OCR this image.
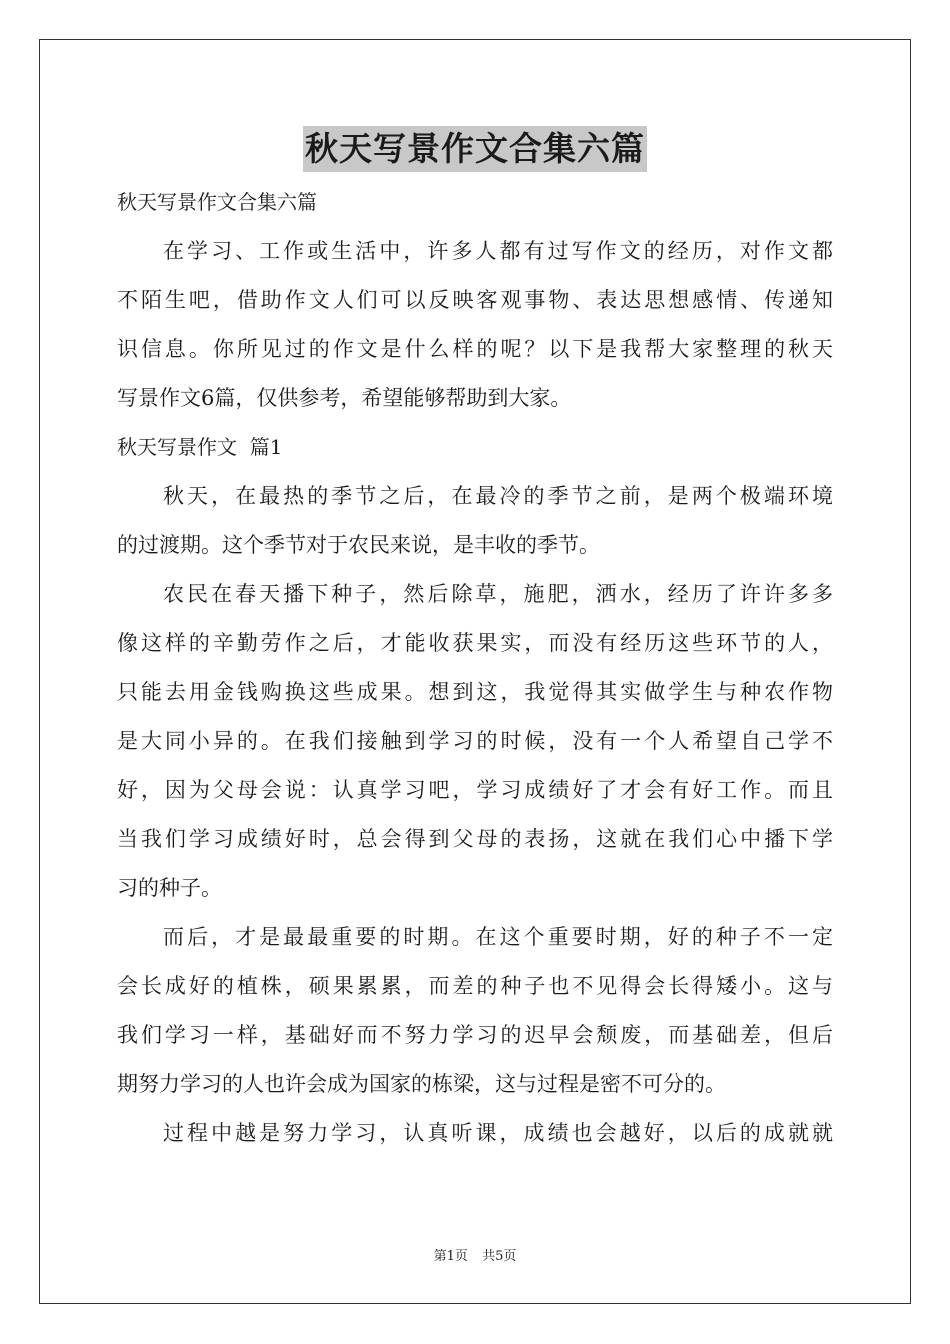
秋天写景作文合集六篇
秋天写景作文合集六篇
在学习、工作或生活中，许多人都有过写作文的经历，对作文都
不陌生吧，借助作文人们可以反映客观事物、表达思想感情、传递知
识信息。你所见过的作文是什么样的呢？以下是我帮大家整理的秋天
写景作文6篇，仅供参考，希望能够帮助到大家。
秋天写景作文  篇1
秋天，在最热的季节之后，在最冷的季节之前，是两个极端环境
的过渡期。这个季节对于农民来说，是丰收的季节。
农民在春天播下种子，然后除草，施肥，洒水，经历了许许多多
像这样的辛勤劳作之后，才能收获果实，而没有经历这些环节的人，
只能去用金钱购换这些成果。想到这，我觉得其实做学生与种农作物
是大同小异的。在我们接触到学习的时候，没有一个人希望自己学不
好，因为父母会说：认真学习吧，学习成绩好了才会有好工作。而且
当我们学习成绩好时，总会得到父母的表扬，这就在我们心中播下学
习的种子。
而后，才是最最重要的时期。在这个重要时期，好的种子不一定
会长成好的植株，硕果累累，而差的种子也不见得会长得矮小。这与
我们学习一样，基础好而不努力学习的迟早会颓废，而基础差，但后
期努力学习的人也许会成为国家的栋梁，这与过程是密不可分的。
过程中越是努力学习，认真听课，成绩也会越好，以后的成就就
第1页 共5页
